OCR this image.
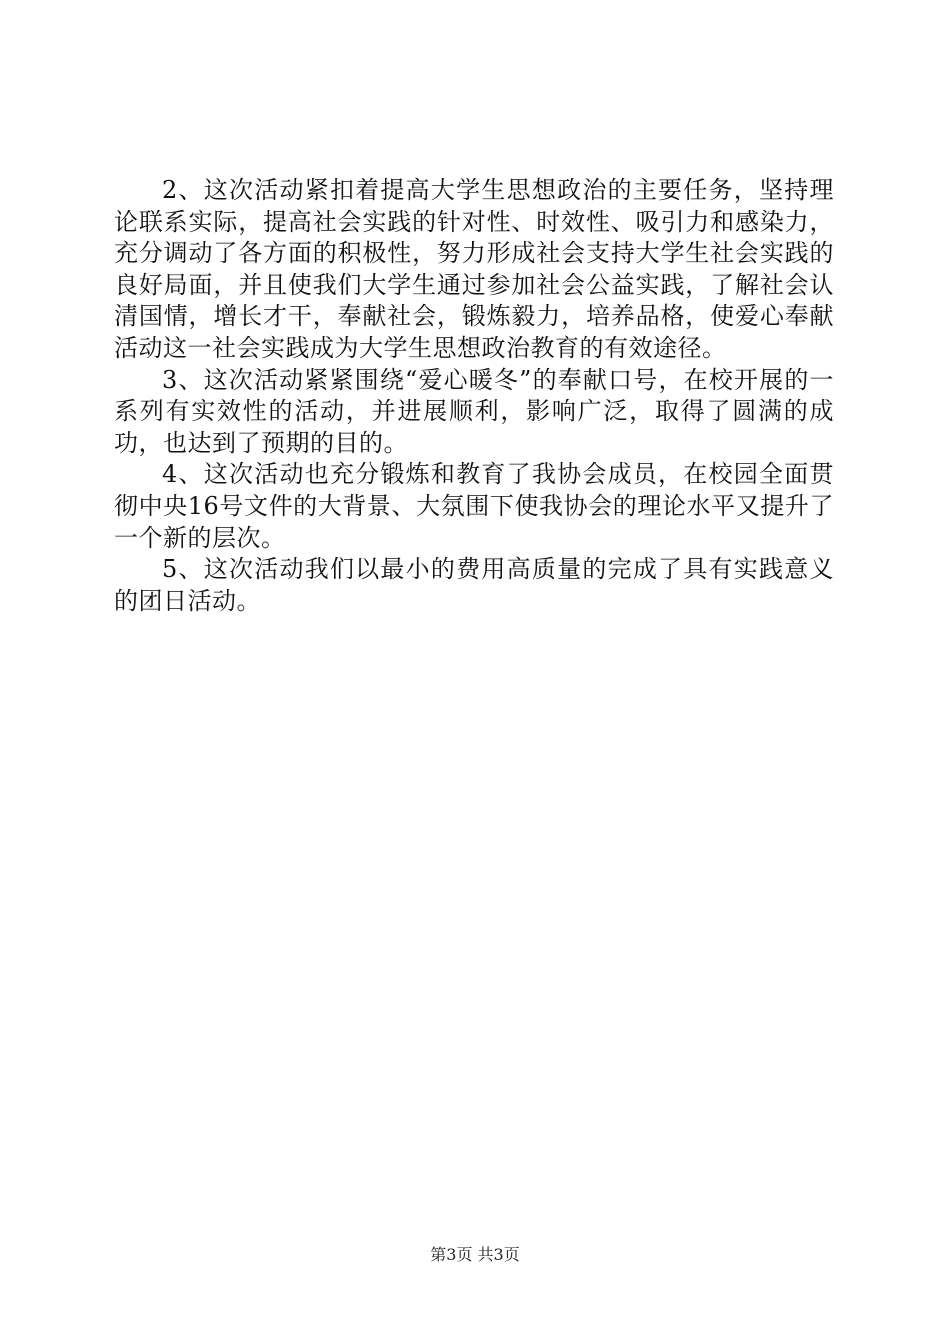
2、这次活动紧扣着提高大学生思想政治的主要任务，坚持理论联系实际，提高社会实践的针对性、时效性、吸引力和感染力，充分调动了各方面的积极性，努力形成社会支持大学生社会实践的良好局面，并且使我们大学生通过参加社会公益实践，了解社会认清国情，增长才干，奉献社会，锻炼毅力，培养品格，使爱心奉献活动这一社会实践成为大学生思想政治教育的有效途径。

3、这次活动紧紧围绕“爱心暖冬”的奉献口号，在校开展的一系列有实效性的活动，并进展顺利，影响广泛，取得了圆满的成功，也达到了预期的目的。

4、这次活动也充分锻炼和教育了我协会成员，在校园全面贯彻中央16号文件的大背景、大氛围下使我协会的理论水平又提升了一个新的层次。

5、这次活动我们以最小的费用高质量的完成了具有实践意义的团日活动。

第3页 共3页
